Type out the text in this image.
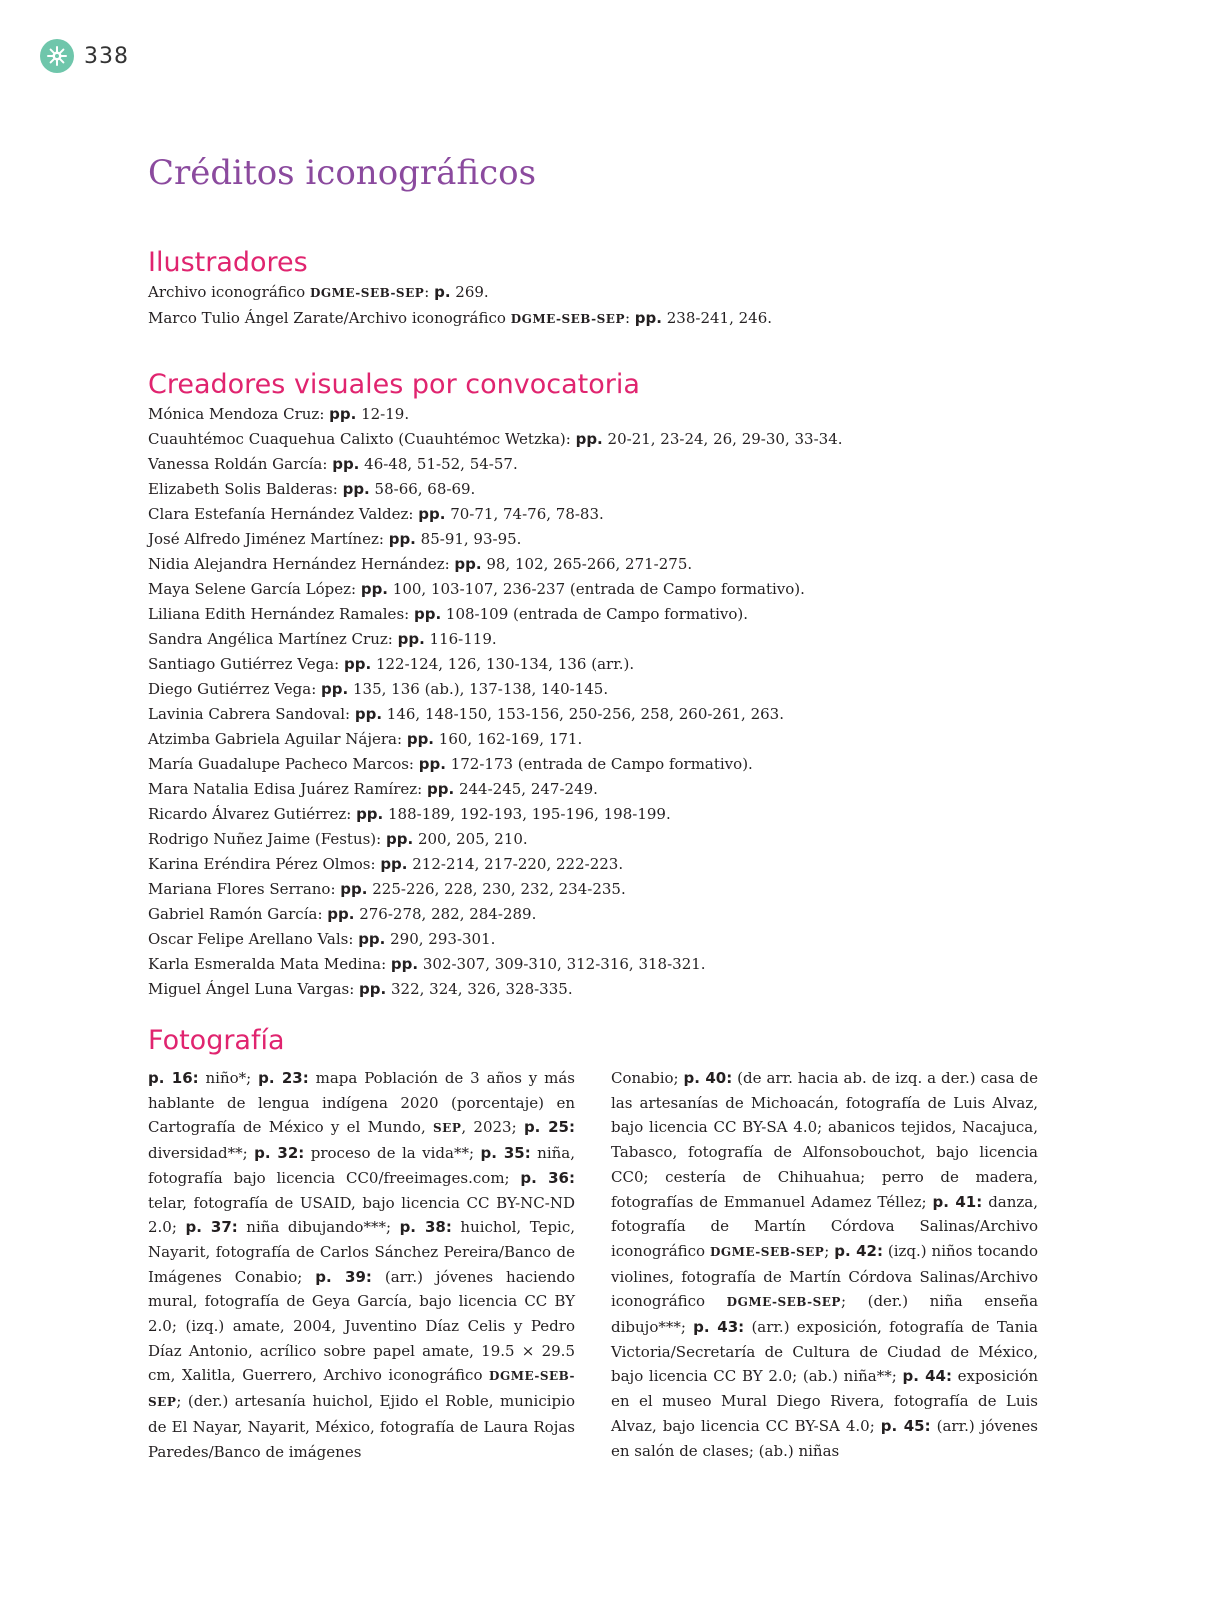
338
Créditos iconográficos
Ilustradores
Archivo iconográfico DGME-SEB-SEP: p. 269.
Marco Tulio Ángel Zarate/Archivo iconográfico DGME-SEB-SEP: pp. 238-241, 246.
Creadores visuales por convocatoria
Mónica Mendoza Cruz: pp. 12-19.
Cuauhtémoc Cuaquehua Calixto (Cuauhtémoc Wetzka): pp. 20-21, 23-24, 26, 29-30, 33-34.
Vanessa Roldán García: pp. 46-48, 51-52, 54-57.
Elizabeth Solis Balderas: pp. 58-66, 68-69.
Clara Estefanía Hernández Valdez: pp. 70-71, 74-76, 78-83.
José Alfredo Jiménez Martínez: pp. 85-91, 93-95.
Nidia Alejandra Hernández Hernández: pp. 98, 102, 265-266, 271-275.
Maya Selene García López: pp. 100, 103-107, 236-237 (entrada de Campo formativo).
Liliana Edith Hernández Ramales: pp. 108-109 (entrada de Campo formativo).
Sandra Angélica Martínez Cruz: pp. 116-119.
Santiago Gutiérrez Vega: pp. 122-124, 126, 130-134, 136 (arr.).
Diego Gutiérrez Vega: pp. 135, 136 (ab.), 137-138, 140-145.
Lavinia Cabrera Sandoval: pp. 146, 148-150, 153-156, 250-256, 258, 260-261, 263.
Atzimba Gabriela Aguilar Nájera: pp. 160, 162-169, 171.
María Guadalupe Pacheco Marcos: pp. 172-173 (entrada de Campo formativo).
Mara Natalia Edisa Juárez Ramírez: pp. 244-245, 247-249.
Ricardo Álvarez Gutiérrez: pp. 188-189, 192-193, 195-196, 198-199.
Rodrigo Nuñez Jaime (Festus): pp. 200, 205, 210.
Karina Eréndira Pérez Olmos: pp. 212-214, 217-220, 222-223.
Mariana Flores Serrano: pp. 225-226, 228, 230, 232, 234-235.
Gabriel Ramón García: pp. 276-278, 282, 284-289.
Oscar Felipe Arellano Vals: pp. 290, 293-301.
Karla Esmeralda Mata Medina: pp. 302-307, 309-310, 312-316, 318-321.
Miguel Ángel Luna Vargas: pp. 322, 324, 326, 328-335.
Fotografía

p. 16: niño*; p. 23: mapa Población de 3 años y más hablante de lengua indígena 2020 (porcentaje) en Cartografía de México y el Mundo, SEP, 2023; p. 25: diversidad**; p. 32: proceso de la vida**; p. 35: niña, fotografía bajo licencia CC0/freeimages.com; p. 36: telar, fotografía de USAID, bajo licencia CC BY-NC-ND 2.0; p. 37: niña dibujando***; p. 38: huichol, Tepic, Nayarit, fotografía de Carlos Sánchez Pereira/Banco de Imágenes Conabio; p. 39: (arr.) jóvenes haciendo mural, fotografía de Geya García, bajo licencia CC BY 2.0; (izq.) amate, 2004, Juventino Díaz Celis y Pedro Díaz Antonio, acrílico sobre papel amate, 19.5 × 29.5 cm, Xalitla, Guerrero, Archivo iconográfico DGME-SEB-SEP; (der.) artesanía huichol, Ejido el Roble, municipio de El Nayar, Nayarit, México, fotografía de Laura Rojas Paredes/Banco de imágenes

Conabio; p. 40: (de arr. hacia ab. de izq. a der.) casa de las artesanías de Michoacán, fotografía de Luis Alvaz, bajo licencia CC BY-SA 4.0; abanicos tejidos, Nacajuca, Tabasco, fotografía de Alfonsobouchot, bajo licencia CC0; cestería de Chihuahua; perro de madera, fotografías de Emmanuel Adamez Téllez; p. 41: danza, fotografía de Martín Córdova Salinas/Archivo iconográfico DGME-SEB-SEP; p. 42: (izq.) niños tocando violines, fotografía de Martín Córdova Salinas/Archivo iconográfico DGME-SEB-SEP; (der.) niña enseña dibujo***; p. 43: (arr.) exposición, fotografía de Tania Victoria/Secretaría de Cultura de Ciudad de México, bajo licencia CC BY 2.0; (ab.) niña**; p. 44: exposición en el museo Mural Diego Rivera, fotografía de Luis Alvaz, bajo licencia CC BY-SA 4.0; p. 45: (arr.) jóvenes en salón de clases; (ab.) niñas
